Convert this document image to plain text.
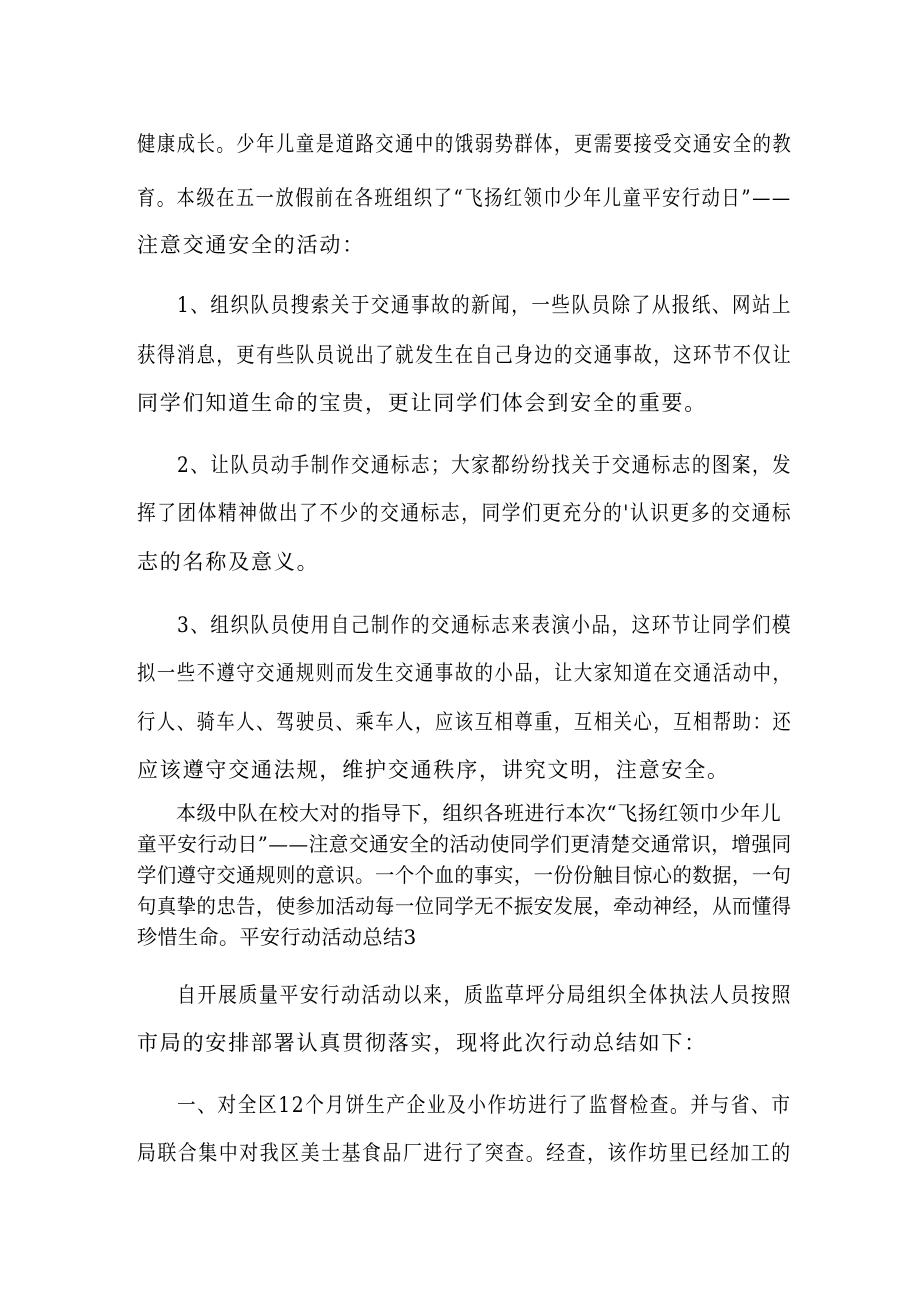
健康成长。少年儿童是道路交通中的饿弱势群体，更需要接受交通安全的教
育。本级在五一放假前在各班组织了“飞扬红领巾少年儿童平安行动日”——
注意交通安全的活动：
1、组织队员搜索关于交通事故的新闻，一些队员除了从报纸、网站上
获得消息，更有些队员说出了就发生在自己身边的交通事故，这环节不仅让
同学们知道生命的宝贵，更让同学们体会到安全的重要。
2、让队员动手制作交通标志；大家都纷纷找关于交通标志的图案，发
挥了团体精神做出了不少的交通标志，同学们更充分的'认识更多的交通标
志的名称及意义。
3、组织队员使用自己制作的交通标志来表演小品，这环节让同学们模
拟一些不遵守交通规则而发生交通事故的小品，让大家知道在交通活动中，
行人、骑车人、驾驶员、乘车人，应该互相尊重，互相关心，互相帮助：还
应该遵守交通法规，维护交通秩序，讲究文明，注意安全。
本级中队在校大对的指导下，组织各班进行本次“飞扬红领巾少年儿
童平安行动日”——注意交通安全的活动使同学们更清楚交通常识，增强同
学们遵守交通规则的意识。一个个血的事实，一份份触目惊心的数据，一句
句真挚的忠告，使参加活动每一位同学无不振安发展，牵动神经，从而懂得
珍惜生命。平安行动活动总结3
自开展质量平安行动活动以来，质监草坪分局组织全体执法人员按照
市局的安排部署认真贯彻落实，现将此次行动总结如下：
一、对全区12个月饼生产企业及小作坊进行了监督检查。并与省、市
局联合集中对我区美士基食品厂进行了突查。经查，该作坊里已经加工的
